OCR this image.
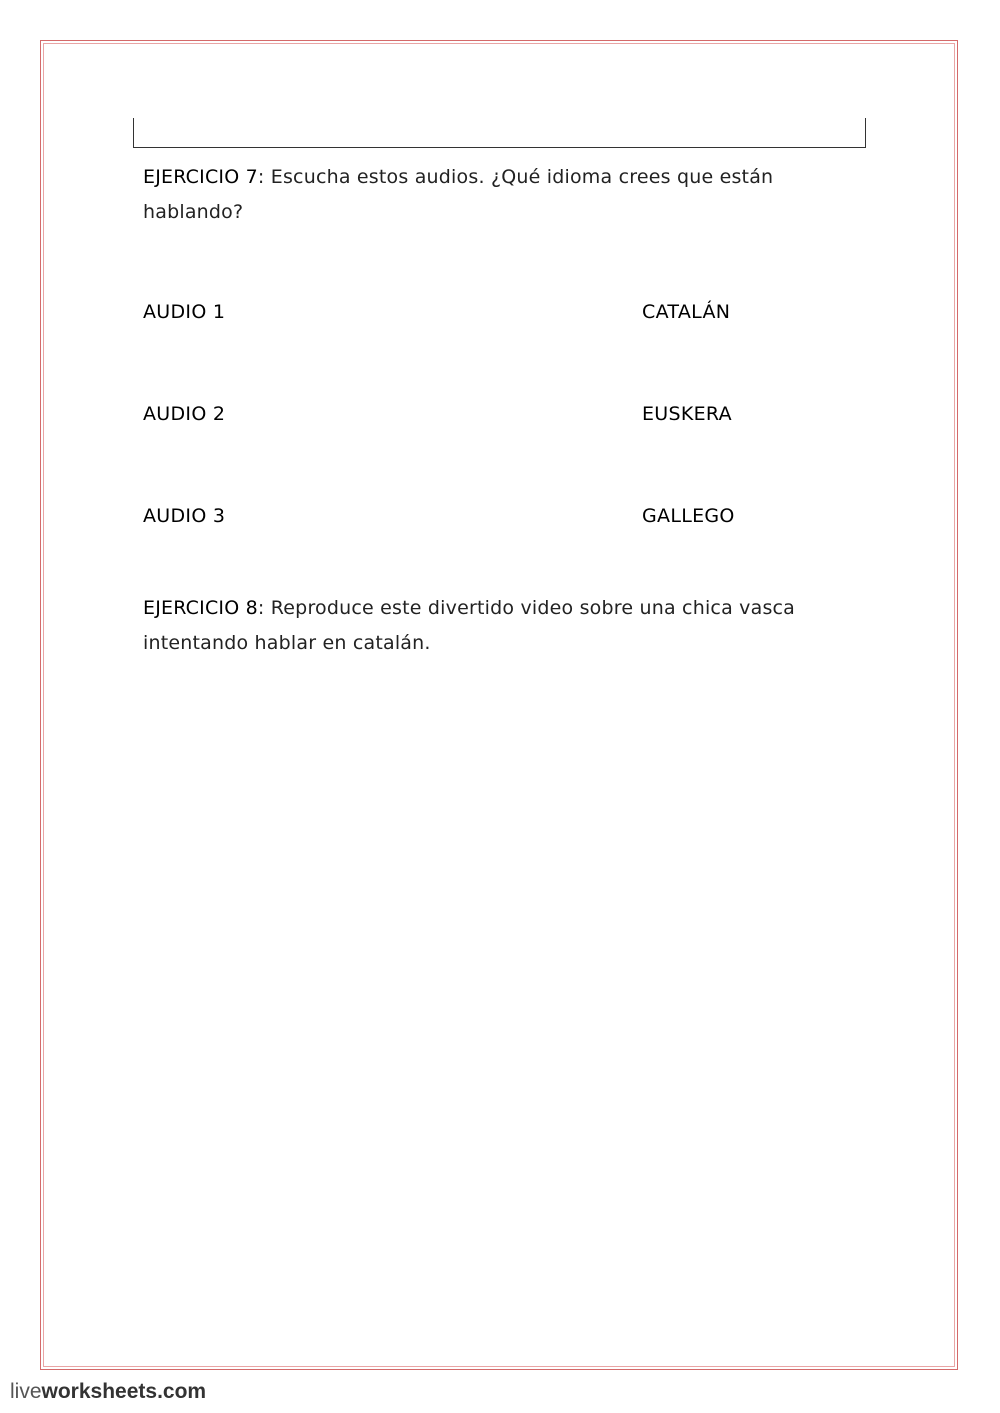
EJERCICIO 7: Escucha estos audios. ¿Qué idioma crees que están hablando?
AUDIO 1	CATALÁN
AUDIO 2	EUSKERA
AUDIO 3	GALLEGO
EJERCICIO 8: Reproduce este divertido video sobre una chica vasca intentando hablar en catalán.
liveworksheets.com
